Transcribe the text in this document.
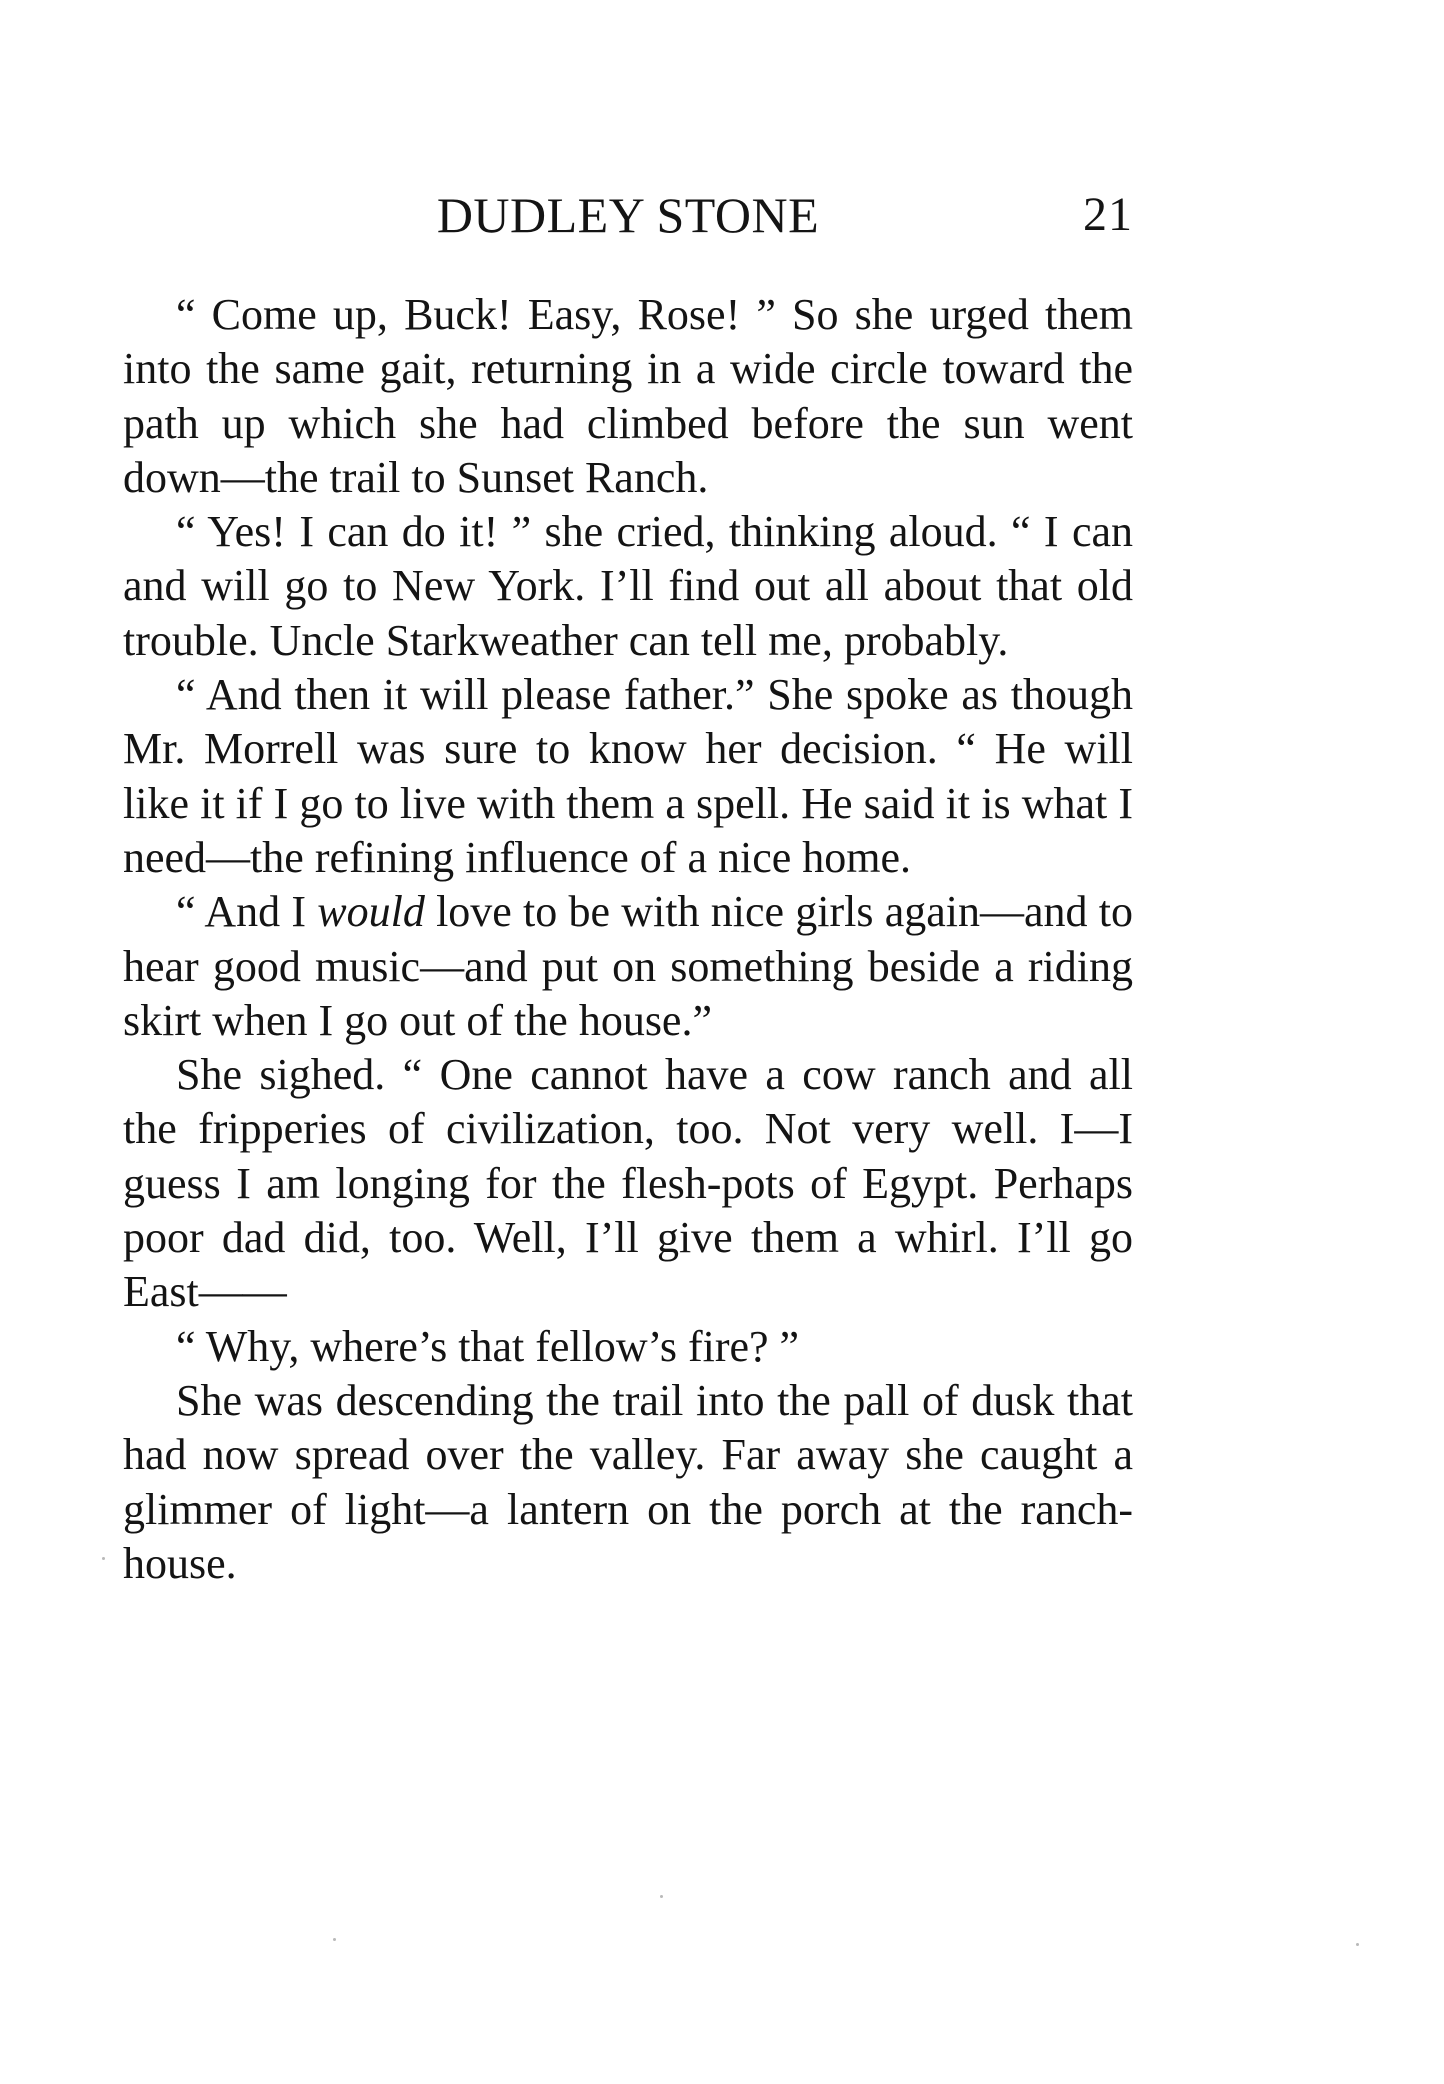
DUDLEY STONE	21

“ Come up, Buck! Easy, Rose! ” So she urged them into the same gait, returning in a wide circle toward the path up which she had climbed before the sun went down—the trail to Sunset Ranch.

“ Yes! I can do it! ” she cried, thinking aloud. “ I can and will go to New York. I’ll find out all about that old trouble. Uncle Starkweather can tell me, probably.

“ And then it will please father.” She spoke as though Mr. Morrell was sure to know her decision. “ He will like it if I go to live with them a spell. He said it is what I need—the refining influence of a nice home.

“ And I would love to be with nice girls again—and to hear good music—and put on something beside a riding skirt when I go out of the house.”

She sighed. “ One cannot have a cow ranch and all the fripperies of civilization, too. Not very well. I—I guess I am longing for the flesh-pots of Egypt. Perhaps poor dad did, too. Well, I’ll give them a whirl. I’ll go East——

“ Why, where’s that fellow’s fire? ”

She was descending the trail into the pall of dusk that had now spread over the valley. Far away she caught a glimmer of light—a lantern on the porch at the ranch-house.
